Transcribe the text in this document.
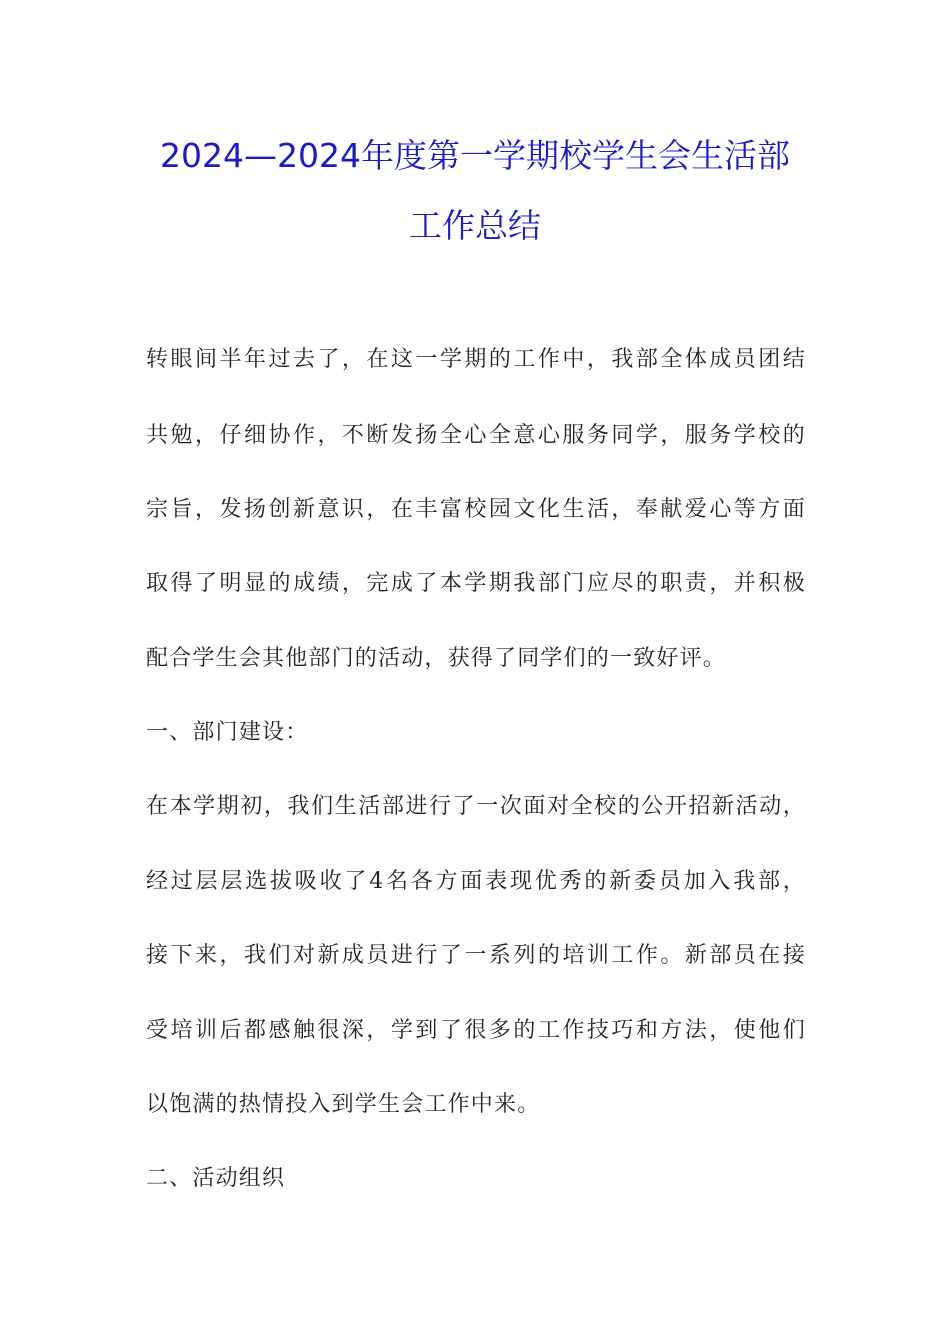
2024—2024年度第一学期校学生会生活部
工作总结
转眼间半年过去了，在这一学期的工作中，我部全体成员团结
共勉，仔细协作，不断发扬全心全意心服务同学，服务学校的
宗旨，发扬创新意识，在丰富校园文化生活，奉献爱心等方面
取得了明显的成绩，完成了本学期我部门应尽的职责，并积极
配合学生会其他部门的活动，获得了同学们的一致好评。
一、部门建设：
在本学期初，我们生活部进行了一次面对全校的公开招新活动，
经过层层选拔吸收了4名各方面表现优秀的新委员加入我部，
接下来，我们对新成员进行了一系列的培训工作。新部员在接
受培训后都感触很深，学到了很多的工作技巧和方法，使他们
以饱满的热情投入到学生会工作中来。
二、活动组织
